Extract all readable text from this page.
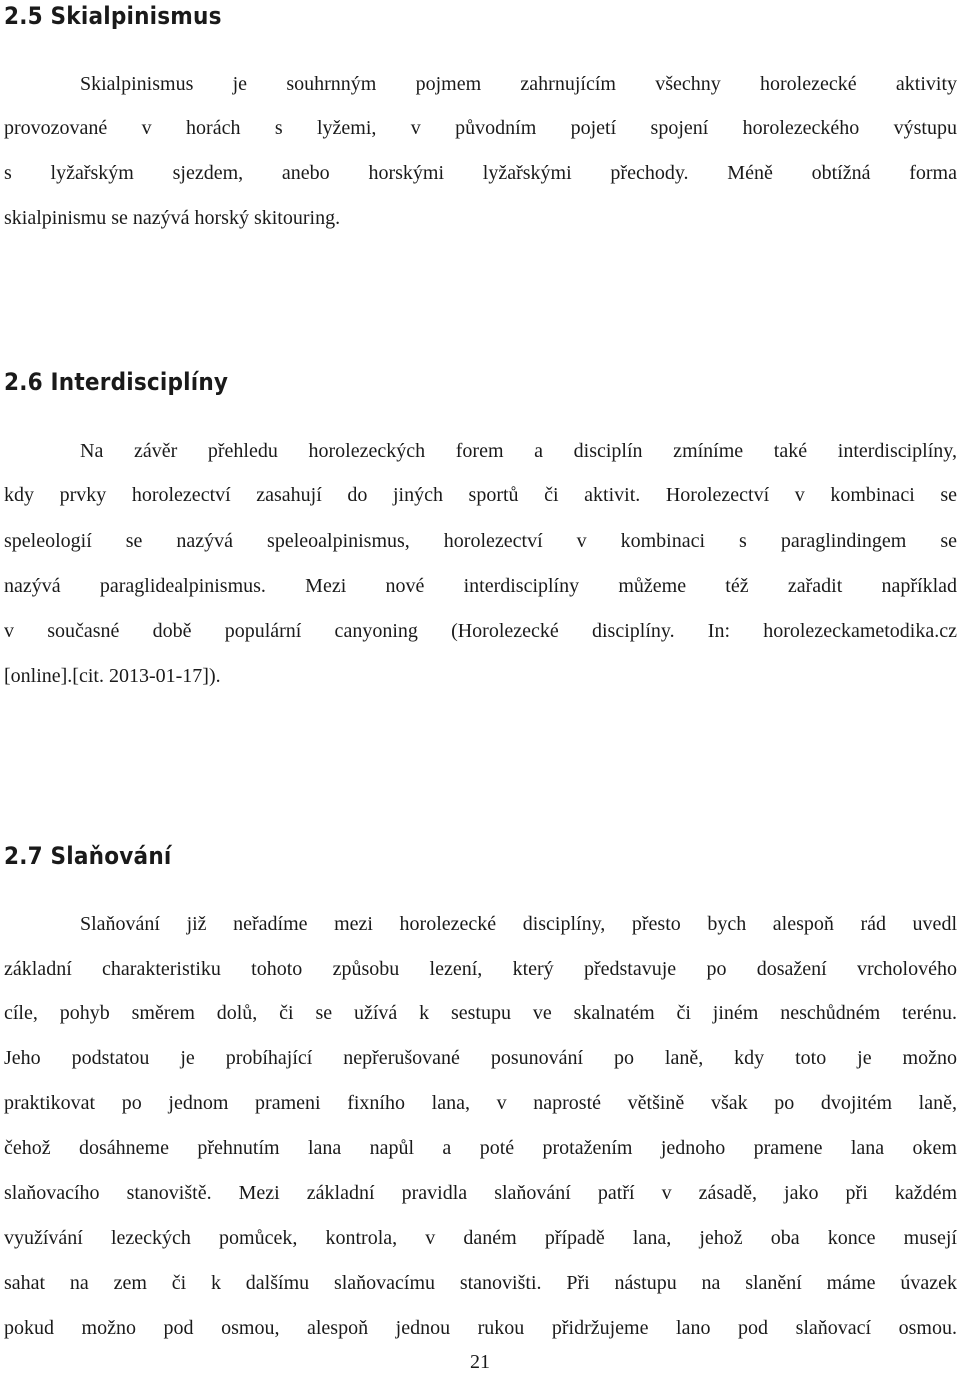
2.5 Skialpinismus

Skialpinismus je souhrnným pojmem zahrnujícím všechny horolezecké aktivity

provozované v horách s lyžemi, v původním pojetí spojení horolezeckého výstupu

s lyžařským sjezdem, anebo horskými lyžařskými přechody. Méně obtížná forma

skialpinismu se nazývá horský skitouring.

2.6 Interdisciplíny

Na závěr přehledu horolezeckých forem a disciplín zmíníme také interdisciplíny,

kdy prvky horolezectví zasahují do jiných sportů či aktivit. Horolezectví v kombinaci se

speleologií se nazývá speleoalpinismus, horolezectví v kombinaci s paraglindingem se

nazývá paraglidealpinismus. Mezi nové interdisciplíny můžeme též zařadit například

v současné době populární canyoning (Horolezecké disciplíny. In: horolezeckametodika.cz

[online].[cit. 2013-01-17]).

2.7 Slaňování

Slaňování již neřadíme mezi horolezecké disciplíny, přesto bych alespoň rád uvedl

základní charakteristiku tohoto způsobu lezení, který představuje po dosažení vrcholového

cíle, pohyb směrem dolů, či se užívá k sestupu ve skalnatém či jiném neschůdném terénu.

Jeho podstatou je probíhající nepřerušované posunování po laně, kdy toto je možno

praktikovat po jednom prameni fixního lana, v naprosté většině však po dvojitém laně,

čehož dosáhneme přehnutím lana napůl a poté protažením jednoho pramene lana okem

slaňovacího stanoviště. Mezi základní pravidla slaňování patří v zásadě, jako při každém

využívání lezeckých pomůcek, kontrola, v daném případě lana, jehož oba konce musejí

sahat na zem či k dalšímu slaňovacímu stanovišti. Při nástupu na slanění máme úvazek

pokud možno pod osmou, alespoň jednou rukou přidržujeme lano pod slaňovací osmou.

21
